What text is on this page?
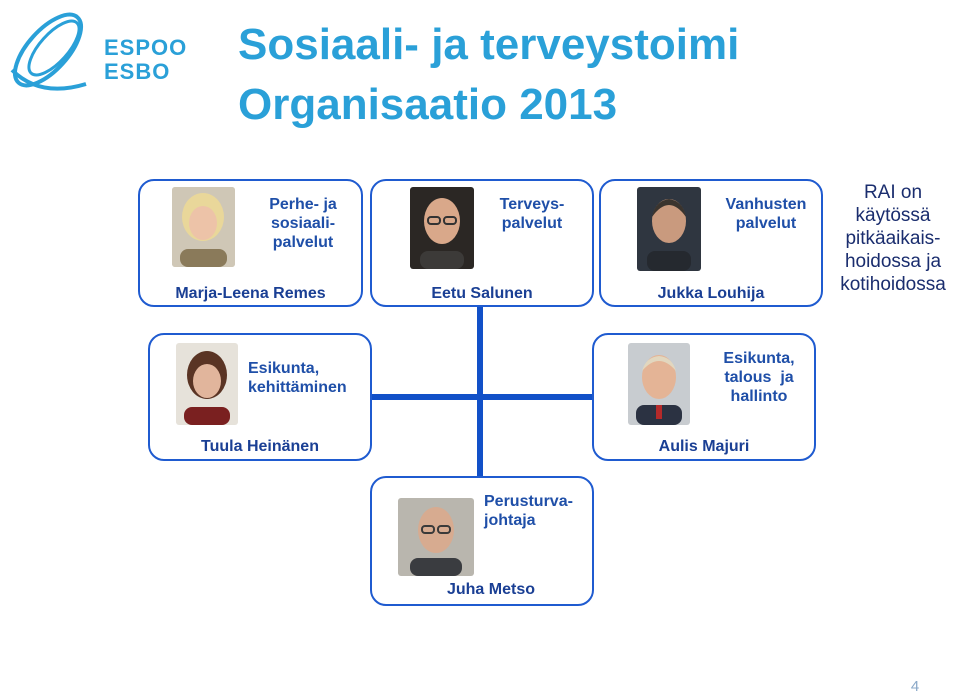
ESPOO
ESBO
Sosiaali- ja terveystoimi
Organisaatio 2013
Perhe- ja
sosiaali-
palvelut
Marja-Leena Remes
Terveys-
palvelut
Eetu Salunen
Vanhusten
palvelut
Jukka Louhija
RAI on
käytössä
pitkäaikais-
hoidossa ja
kotihoidossa
Esikunta,
kehittäminen
Tuula Heinänen
Esikunta,
talous  ja
hallinto
Aulis Majuri
Perusturva-
johtaja
Juha Metso
4
